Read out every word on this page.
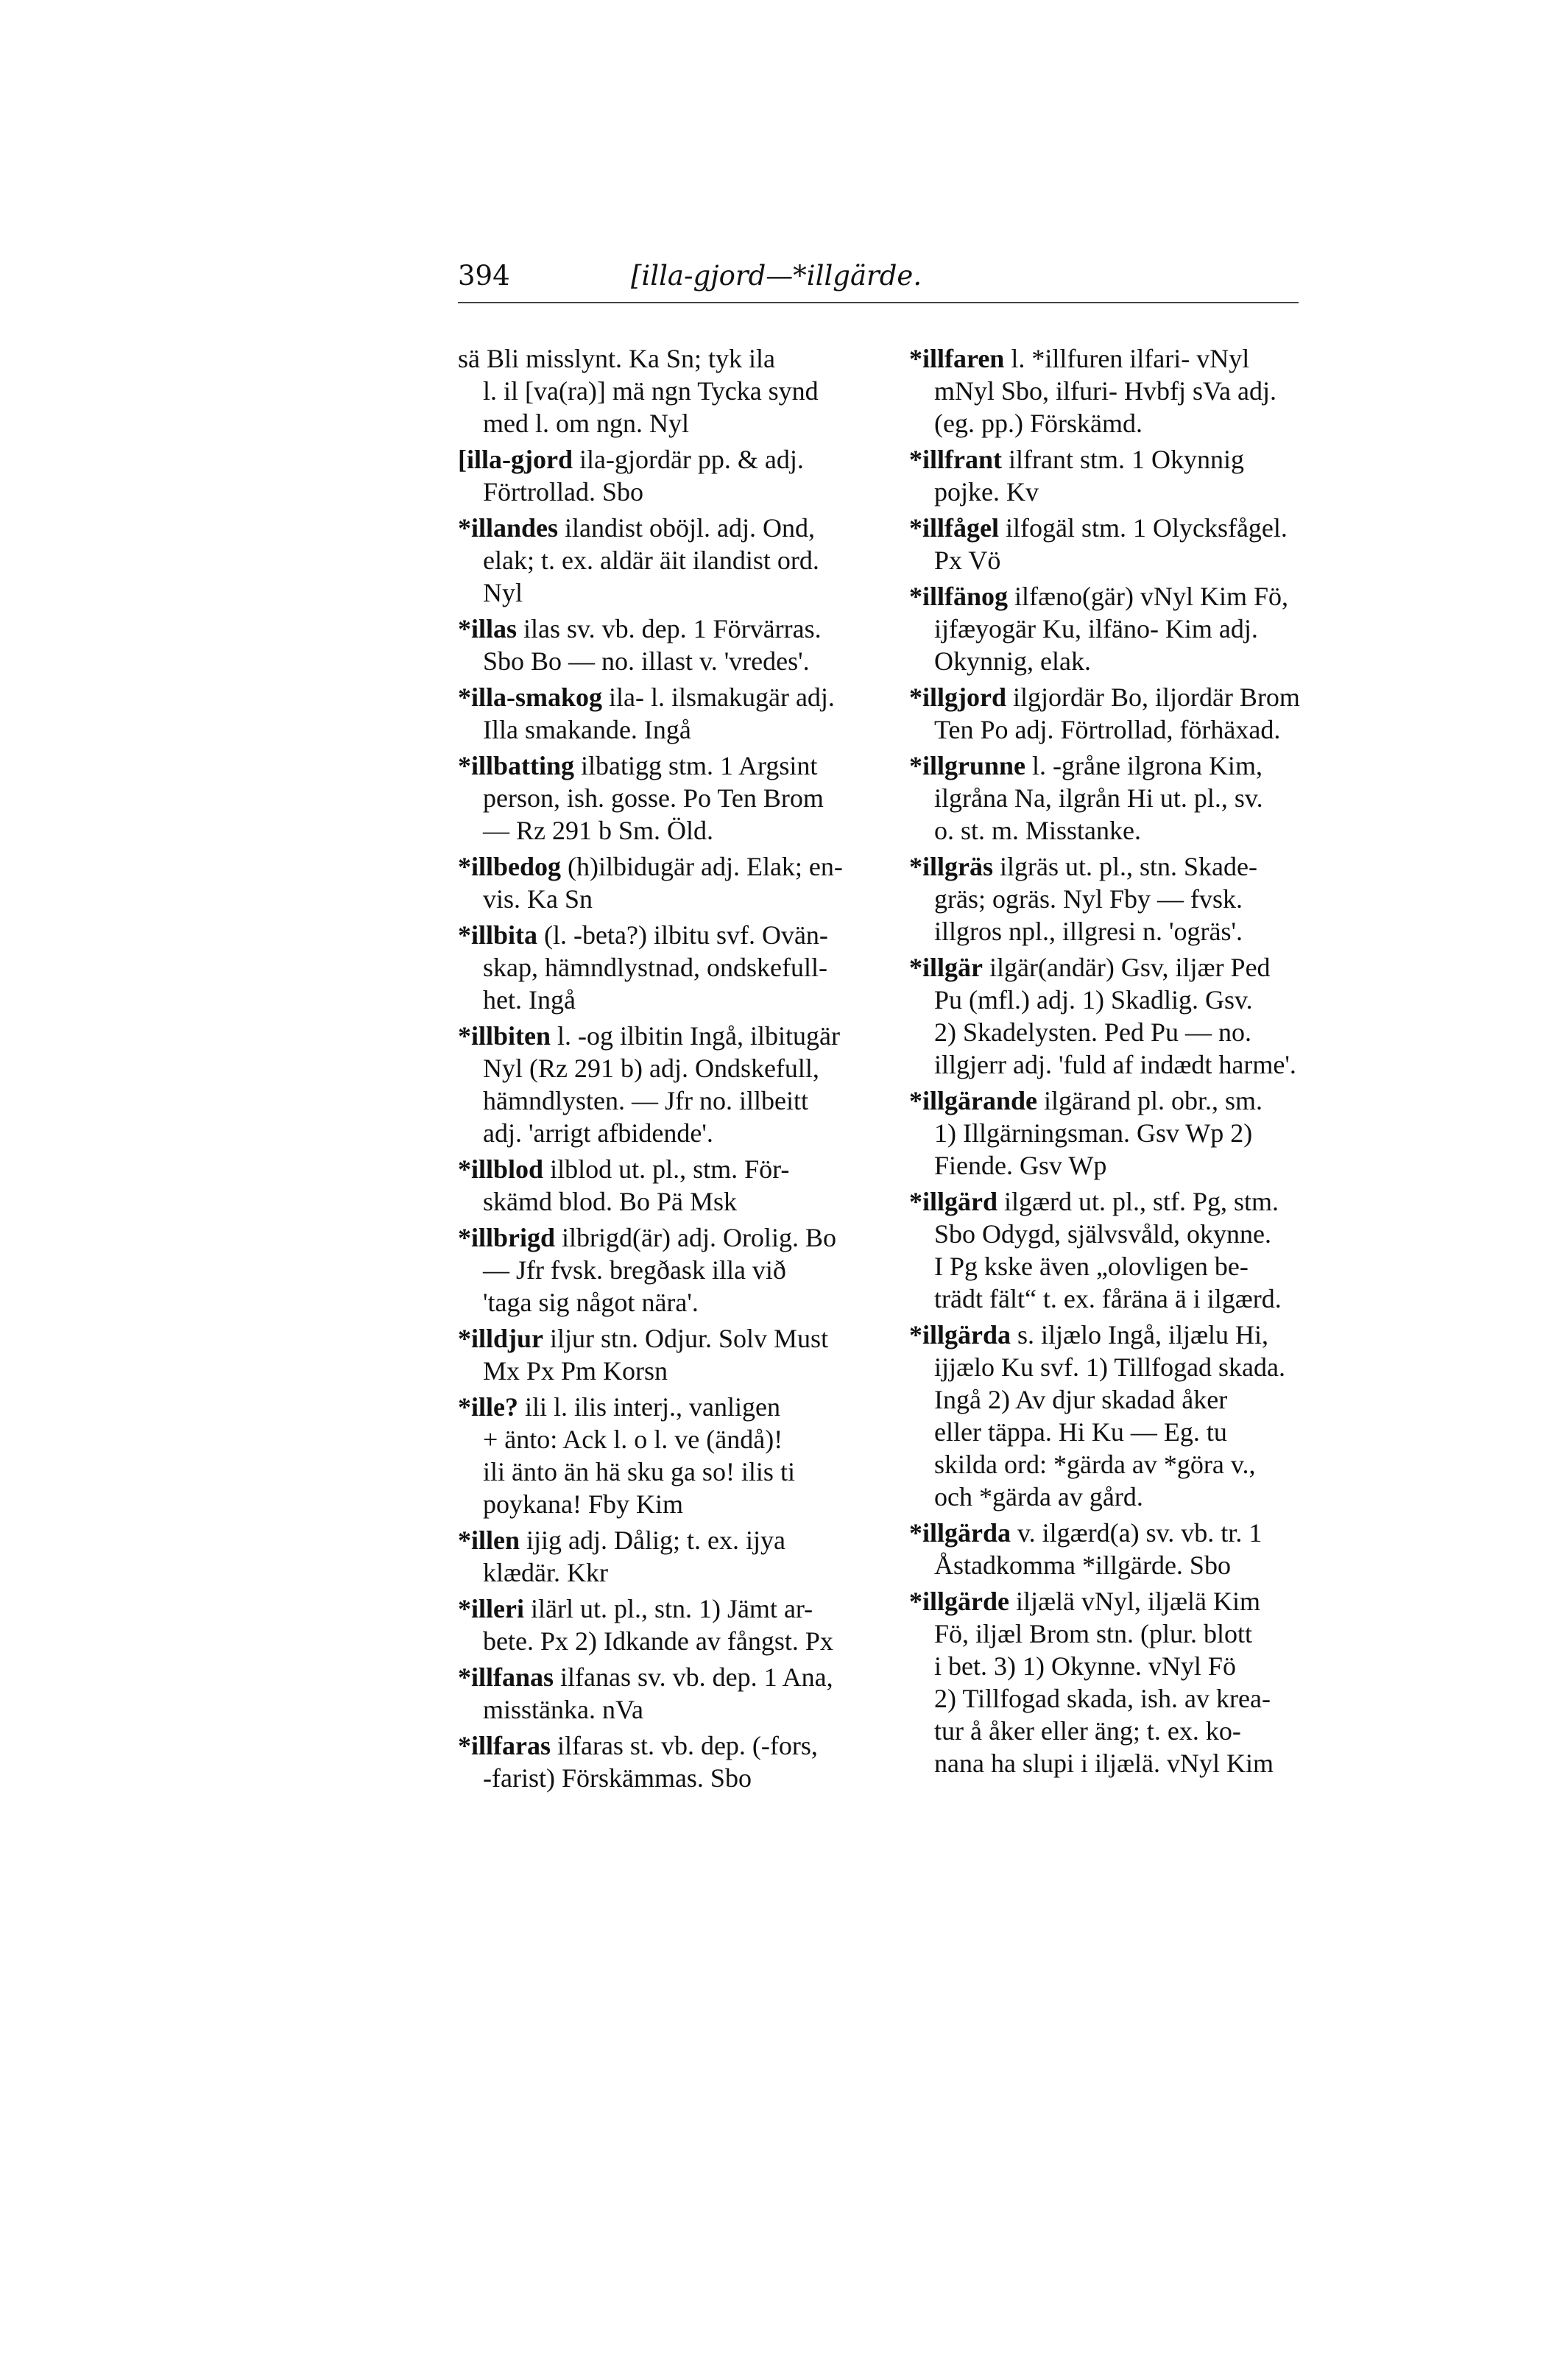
394	[illa-gjord—*illgärde.
sä Bli misslynt. Ka Sn; tyk ila
l. il [va(ra)] mä ngn Tycka synd
med l. om ngn. Nyl
[illa-gjord ila-gjordär pp. & adj.
Förtrollad. Sbo
*illandes ilandist oböjl. adj. Ond,
elak; t. ex. aldär äit ilandist ord.
Nyl
*illas ilas sv. vb. dep. 1 Förvärras.
Sbo Bo — no. illast v. 'vredes'.
*illa-smakog ila- l. ilsmakugär adj.
Illa smakande. Ingå
*illbatting ilbatigg stm. 1 Argsint
person, ish. gosse. Po Ten Brom
— Rz 291 b Sm. Öld.
*illbedog (h)ilbidugär adj. Elak; en-
vis. Ka Sn
*illbita (l. -beta?) ilbitu svf. Ovän-
skap, hämndlystnad, ondskefull-
het. Ingå
*illbiten l. -og ilbitin Ingå, ilbitugär
Nyl (Rz 291 b) adj. Ondskefull,
hämndlysten. — Jfr no. illbeitt
adj. 'arrigt afbidende'.
*illblod ilblod ut. pl., stm. För-
skämd blod. Bo Pä Msk
*illbrigd ilbrigd(är) adj. Orolig. Bo
— Jfr fvsk. bregðask illa við
'taga sig något nära'.
*illdjur iljur stn. Odjur. Solv Must
Mx Px Pm Korsn
*ille? ili l. ilis interj., vanligen
+ änto: Ack l. o l. ve (ändå)!
ili änto än hä sku ga so! ilis ti
poykana! Fby Kim
*illen ijig adj. Dålig; t. ex. ijya
klædär. Kkr
*illeri ilärl ut. pl., stn. 1) Jämt ar-
bete. Px 2) Idkande av fångst. Px
*illfanas ilfanas sv. vb. dep. 1 Ana,
misstänka. nVa
*illfaras ilfaras st. vb. dep. (-fors,
-farist) Förskämmas. Sbo
*illfaren l. *illfuren ilfari- vNyl
mNyl Sbo, ilfuri- Hvbfj sVa adj.
(eg. pp.) Förskämd.
*illfrant ilfrant stm. 1 Okynnig
pojke. Kv
*illfågel ilfogäl stm. 1 Olycksfågel.
Px Vö
*illfänog ilfæno(gär) vNyl Kim Fö,
ijfæyogär Ku, ilfäno- Kim adj.
Okynnig, elak.
*illgjord ilgjordär Bo, iljordär Brom
Ten Po adj. Förtrollad, förhäxad.
*illgrunne l. -gråne ilgrona Kim,
ilgråna Na, ilgrån Hi ut. pl., sv.
o. st. m. Misstanke.
*illgräs ilgräs ut. pl., stn. Skade-
gräs; ogräs. Nyl Fby — fvsk.
illgros npl., illgresi n. 'ogräs'.
*illgär ilgär(andär) Gsv, iljær Ped
Pu (mfl.) adj. 1) Skadlig. Gsv.
2) Skadelysten. Ped Pu — no.
illgjerr adj. 'fuld af indædt harme'.
*illgärande ilgärand pl. obr., sm.
1) Illgärningsman. Gsv Wp 2)
Fiende. Gsv Wp
*illgärd ilgærd ut. pl., stf. Pg, stm.
Sbo Odygd, självsvåld, okynne.
I Pg kske även „olovligen be-
trädt fält“ t. ex. fåräna ä i ilgærd.
*illgärda s. iljælo Ingå, iljælu Hi,
ijjælo Ku svf. 1) Tillfogad skada.
Ingå 2) Av djur skadad åker
eller täppa. Hi Ku — Eg. tu
skilda ord: *gärda av *göra v.,
och *gärda av gård.
*illgärda v. ilgærd(a) sv. vb. tr. 1
Åstadkomma *illgärde. Sbo
*illgärde iljælä vNyl, iljælä Kim
Fö, iljæl Brom stn. (plur. blott
i bet. 3) 1) Okynne. vNyl Fö
2) Tillfogad skada, ish. av krea-
tur å åker eller äng; t. ex. ko-
nana ha slupi i iljælä. vNyl Kim
